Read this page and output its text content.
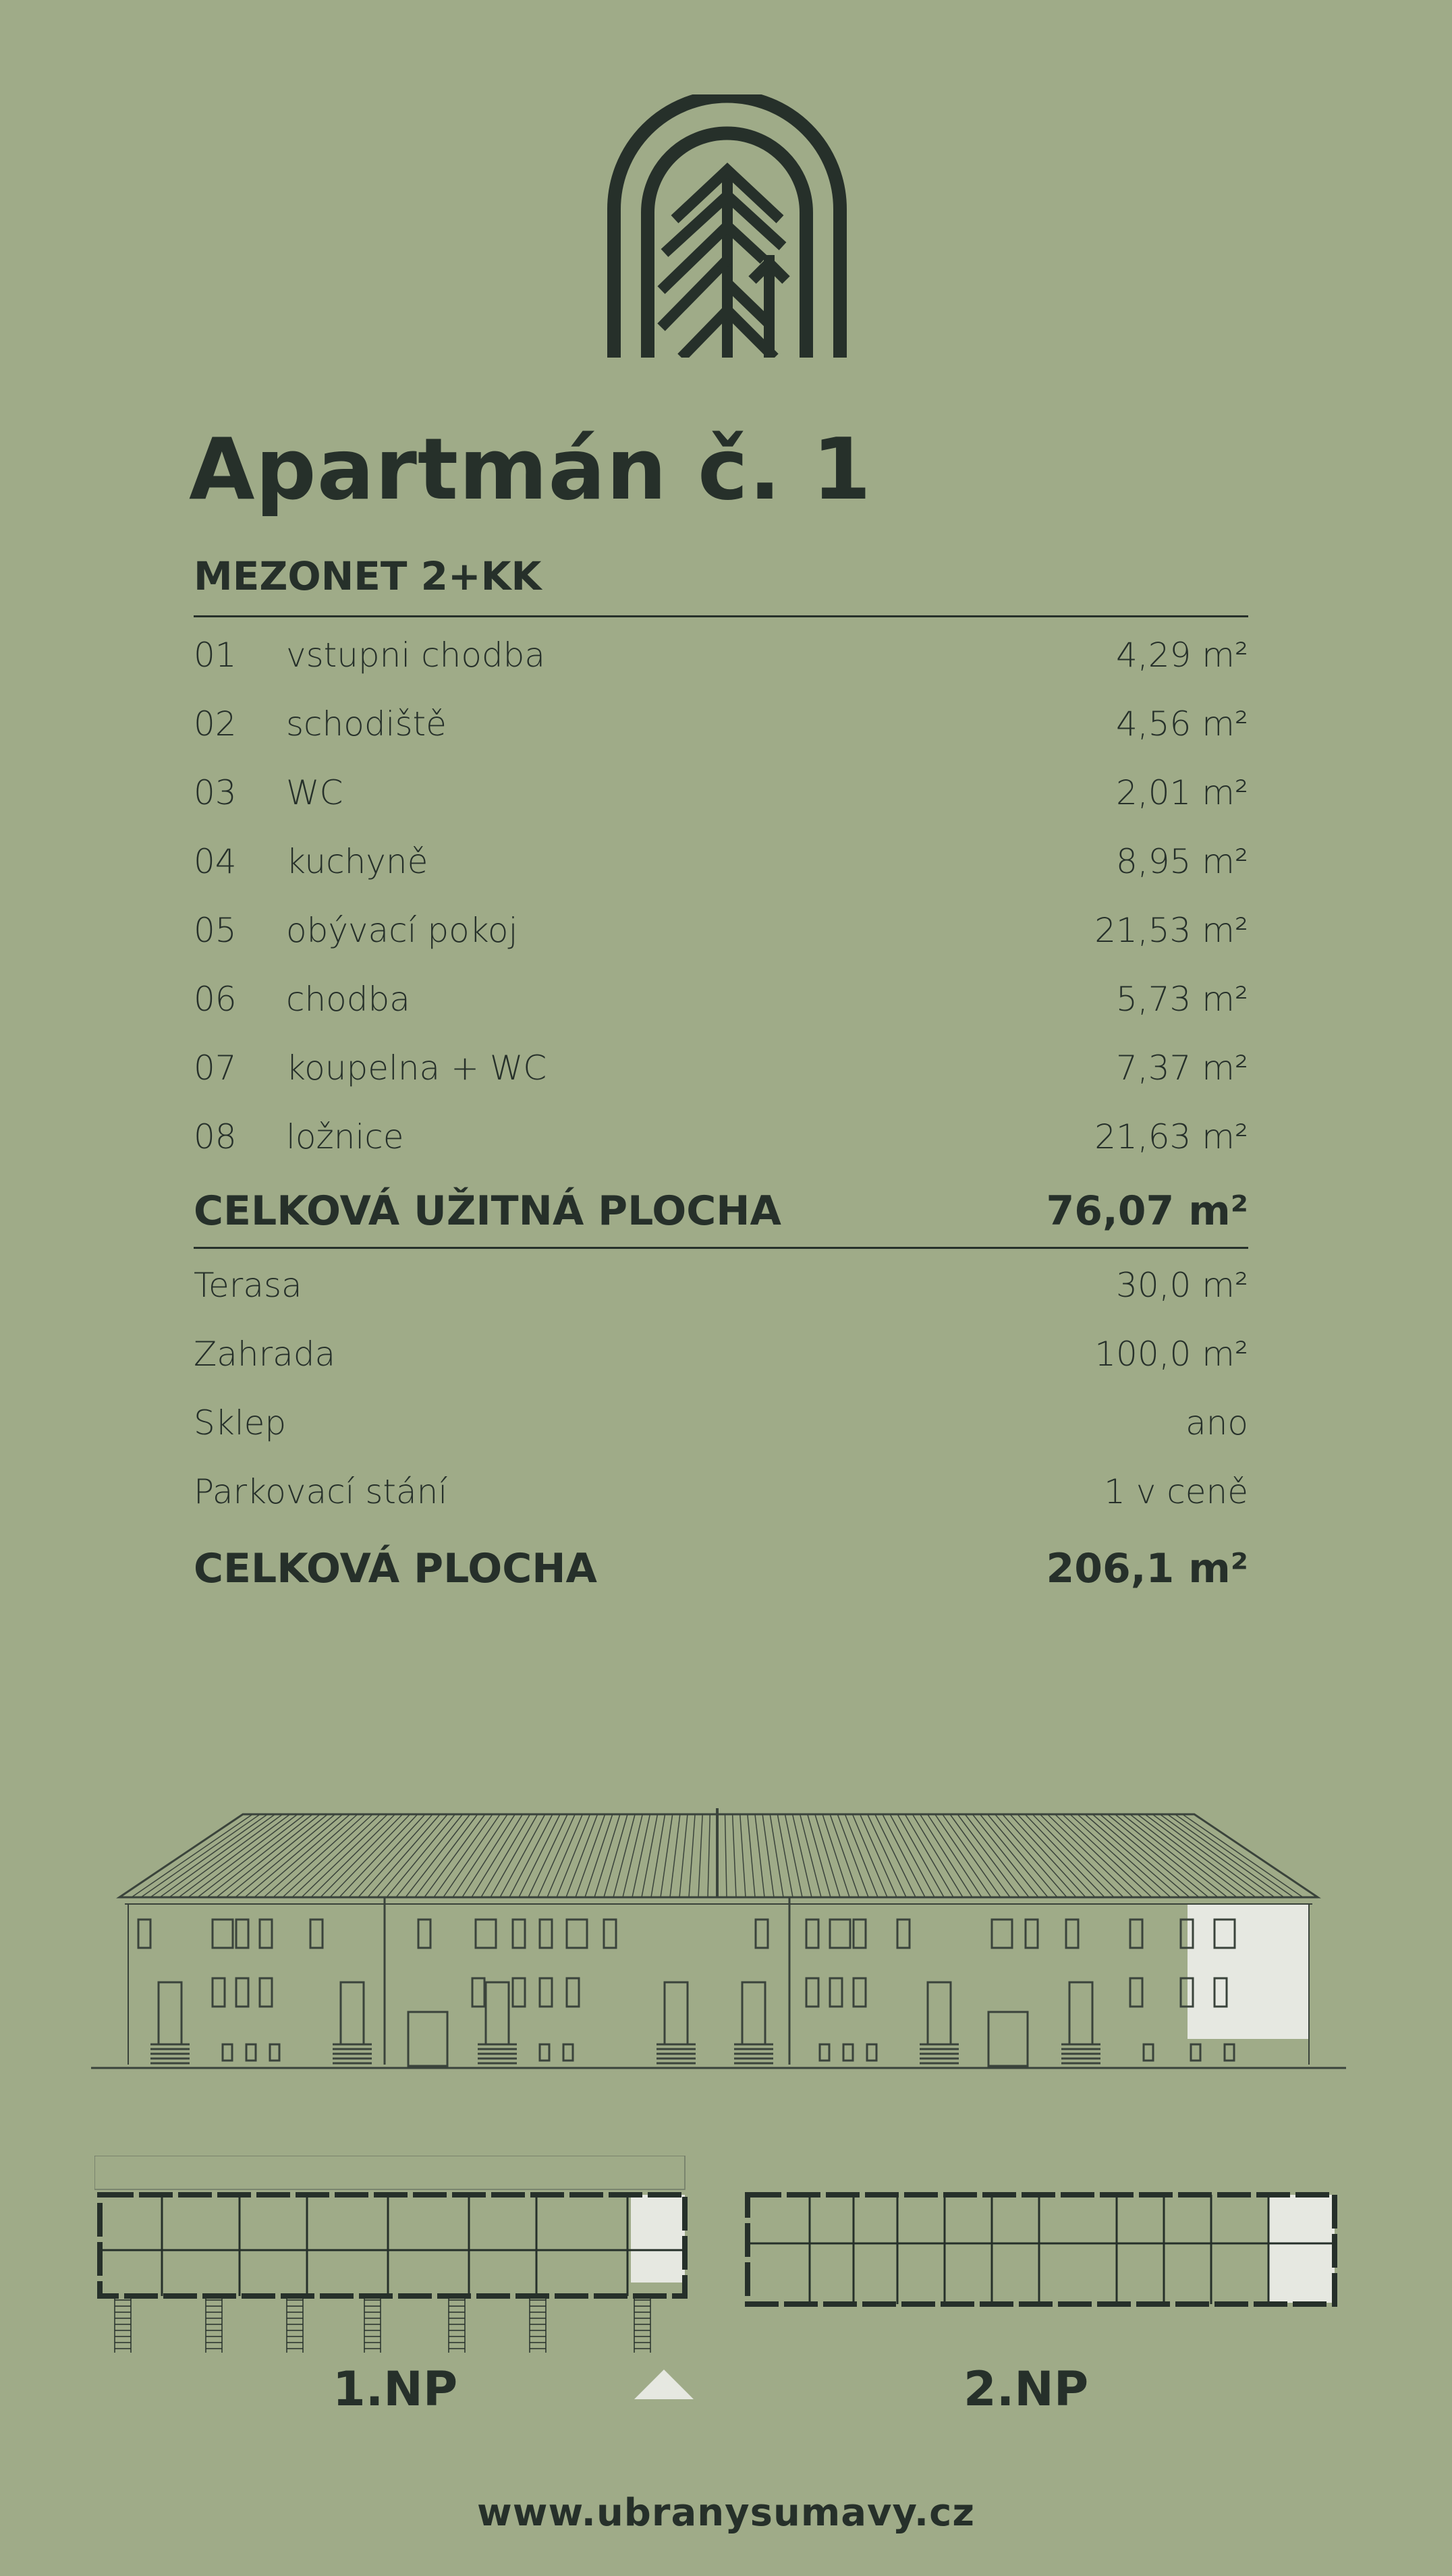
Apartmán č. 1
MEZONET 2+KK
01 vstupni chodba	4,29 m²
02 schodiště	4,56 m²
03 WC	2,01 m²
04 kuchyně	8,95 m²
05 obývací pokoj	21,53 m²
06 chodba	5,73 m²
07 koupelna + WC	7,37 m²
08 ložnice	21,63 m²
CELKOVÁ UŽITNÁ PLOCHA	76,07 m²
Terasa	30,0 m²
Zahrada	100,0 m²
Sklep	ano
Parkovací stání	1 v ceně
CELKOVÁ PLOCHA	206,1 m²
1.NP	2.NP
www.ubranysumavy.cz
